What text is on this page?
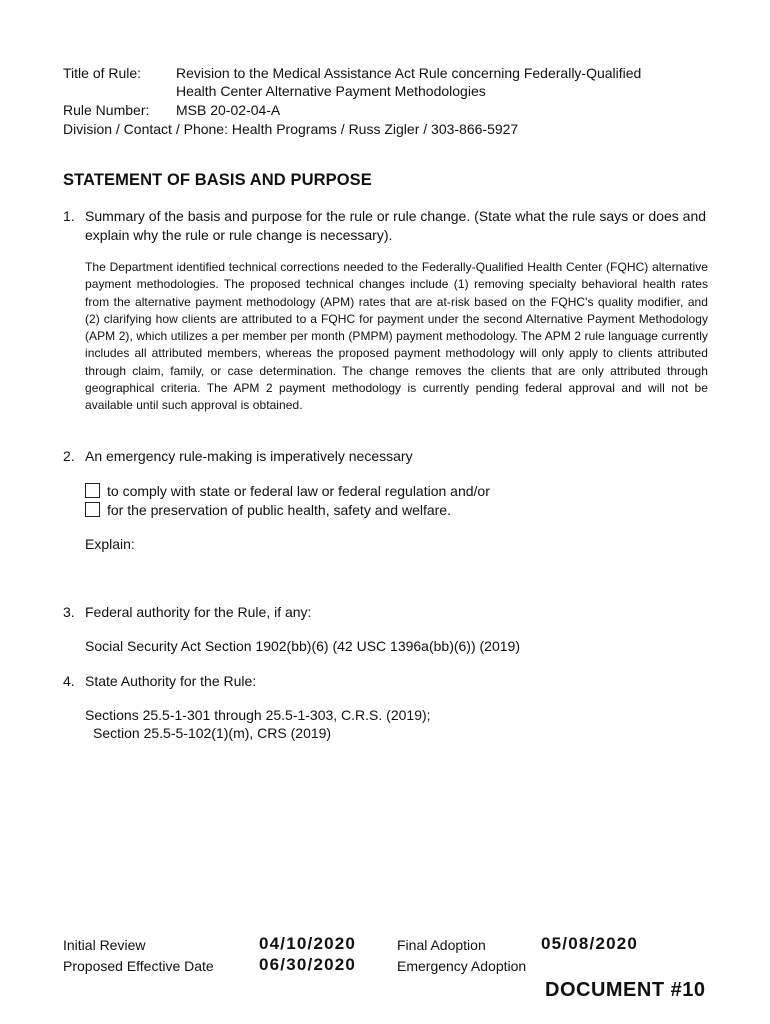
Title of Rule: Revision to the Medical Assistance Act Rule concerning Federally-Qualified
Health Center Alternative Payment Methodologies
Rule Number: MSB 20-02-04-A
Division / Contact / Phone: Health Programs / Russ Zigler / 303-866-5927
STATEMENT OF BASIS AND PURPOSE
1. Summary of the basis and purpose for the rule or rule change. (State what the rule says or does and explain why the rule or rule change is necessary).
The Department identified technical corrections needed to the Federally-Qualified Health Center (FQHC) alternative payment methodologies. The proposed technical changes include (1) removing specialty behavioral health rates from the alternative payment methodology (APM) rates that are at-risk based on the FQHC's quality modifier, and (2) clarifying how clients are attributed to a FQHC for payment under the second Alternative Payment Methodology (APM 2), which utilizes a per member per month (PMPM) payment methodology. The APM 2 rule language currently includes all attributed members, whereas the proposed payment methodology will only apply to clients attributed through claim, family, or case determination. The change removes the clients that are only attributed through geographical criteria. The APM 2 payment methodology is currently pending federal approval and will not be available until such approval is obtained.
2. An emergency rule-making is imperatively necessary
to comply with state or federal law or federal regulation and/or
for the preservation of public health, safety and welfare.
Explain:
3. Federal authority for the Rule, if any:
Social Security Act Section 1902(bb)(6) (42 USC 1396a(bb)(6)) (2019)
4. State Authority for the Rule:
Sections 25.5-1-301 through 25.5-1-303, C.R.S. (2019);
Section 25.5-5-102(1)(m), CRS (2019)
Initial Review	04/10/2020	Final Adoption	05/08/2020
Proposed Effective Date	06/30/2020	Emergency Adoption
DOCUMENT #10
